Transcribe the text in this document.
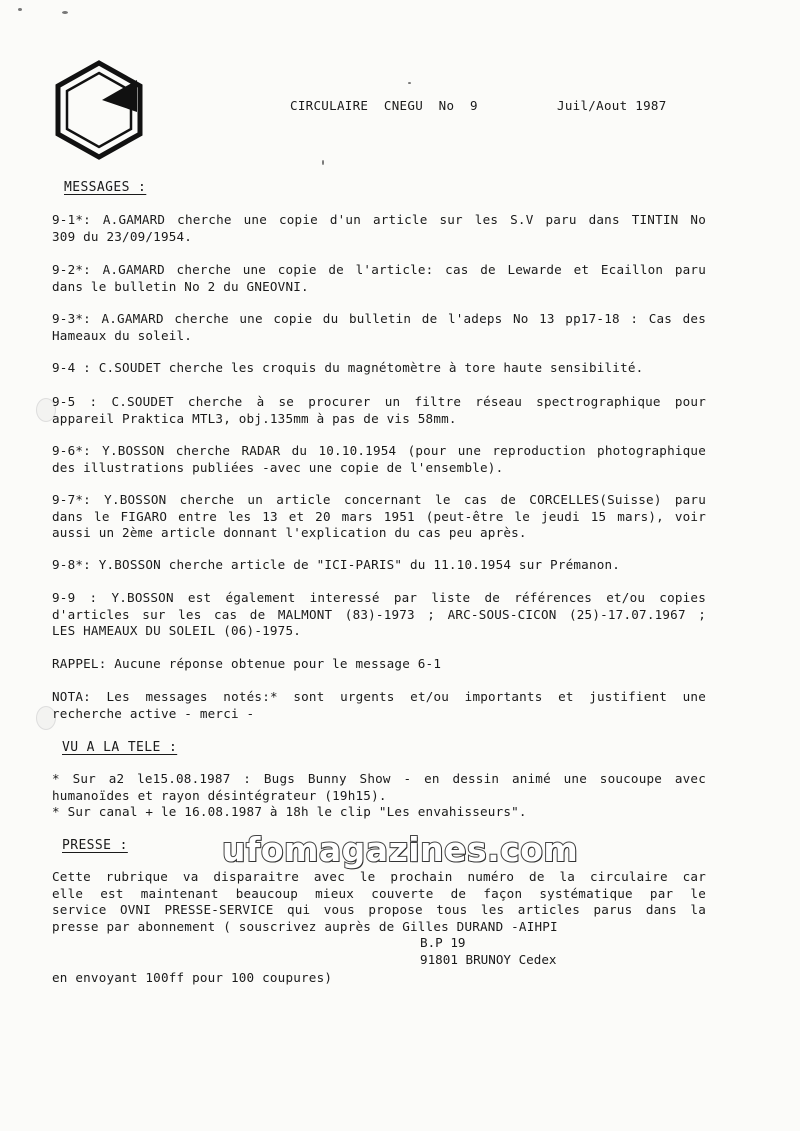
CIRCULAIRE  CNEGU  No  9	Juil/Aout 1987
MESSAGES :
9-1*: A.GAMARD cherche une copie d'un article sur les S.V paru dans TINTIN No
309 du 23/09/1954.
9-2*: A.GAMARD cherche une copie de l'article: cas de Lewarde et Ecaillon paru
dans le bulletin No 2 du GNEOVNI.
9-3*: A.GAMARD cherche une copie du bulletin de l'adeps No 13 pp17-18 : Cas des
Hameaux du soleil.
9-4 : C.SOUDET cherche les croquis du magnétomètre à tore haute sensibilité.
9-5 : C.SOUDET cherche à se procurer un filtre réseau spectrographique pour
appareil Praktica MTL3, obj.135mm à pas de vis 58mm.
9-6*: Y.BOSSON cherche RADAR du 10.10.1954 (pour une reproduction photographique
des illustrations publiées -avec une copie de l'ensemble).
9-7*: Y.BOSSON cherche un article concernant le cas de CORCELLES(Suisse) paru
dans le FIGARO entre les 13 et 20 mars 1951 (peut-être le jeudi 15 mars), voir
aussi un 2ème article donnant l'explication du cas peu après.
9-8*: Y.BOSSON cherche article de "ICI-PARIS" du 11.10.1954 sur Prémanon.
9-9 : Y.BOSSON est également interessé par liste de références et/ou copies
d'articles sur les cas de MALMONT (83)-1973 ; ARC-SOUS-CICON (25)-17.07.1967 ;
LES HAMEAUX DU SOLEIL (06)-1975.
RAPPEL: Aucune réponse obtenue pour le message 6-1
NOTA: Les messages notés:* sont urgents et/ou importants et justifient une
recherche active - merci -
VU A LA TELE :
* Sur a2 le15.08.1987 : Bugs Bunny Show - en dessin animé une soucoupe avec
humanoïdes et rayon désintégrateur (19h15).
* Sur canal + le 16.08.1987 à 18h le clip "Les envahisseurs".
PRESSE :
Cette rubrique va disparaitre avec le prochain numéro de la circulaire car
elle est maintenant beaucoup mieux couverte de façon systématique par le
service OVNI PRESSE-SERVICE qui vous propose tous les articles parus dans la
presse par abonnement ( souscrivez auprès de Gilles DURAND -AIHPI
B.P 19
91801 BRUNOY Cedex
en envoyant 100ff pour 100 coupures)
ufomagazines.com
